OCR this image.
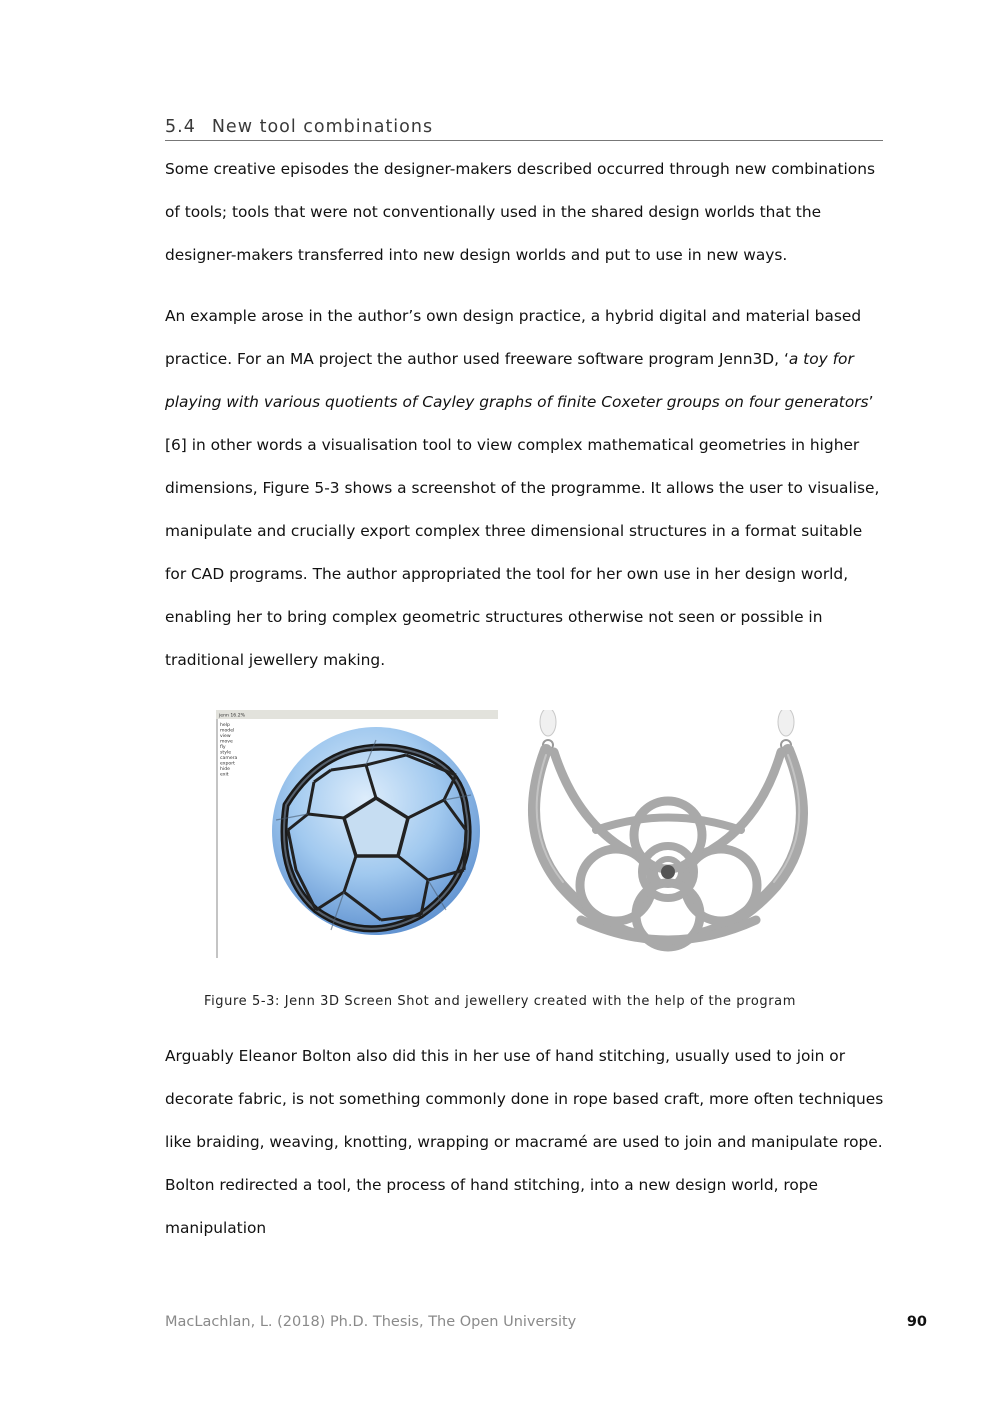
5.4 New tool combinations
Some creative episodes the designer-makers described occurred through new combinations of tools; tools that were not conventionally used in the shared design worlds that the designer-makers transferred into new design worlds and put to use in new ways.
An example arose in the author’s own design practice, a hybrid digital and material based practice. For an MA project the author used freeware software program Jenn3D, ‘a toy for playing with various quotients of Cayley graphs of finite Coxeter groups on four generators’ [6] in other words a visualisation tool to view complex mathematical geometries in higher dimensions, Figure 5-3 shows a screenshot of the programme. It allows the user to visualise, manipulate and crucially export complex three dimensional structures in a format suitable for CAD programs. The author appropriated the tool for her own use in her design world, enabling her to bring complex geometric structures otherwise not seen or possible in traditional jewellery making.
jenn 16.2%
help
model
view
move
fly
style
camera
export
hide
exit
Figure 5-3: Jenn 3D Screen Shot and jewellery created with the help of the program
Arguably Eleanor Bolton also did this in her use of hand stitching, usually used to join or decorate fabric, is not something commonly done in rope based craft, more often techniques like braiding, weaving, knotting, wrapping or macramé are used to join and manipulate rope. Bolton redirected a tool, the process of hand stitching, into a new design world, rope manipulation
MacLachlan, L. (2018) Ph.D. Thesis, The Open University	90
